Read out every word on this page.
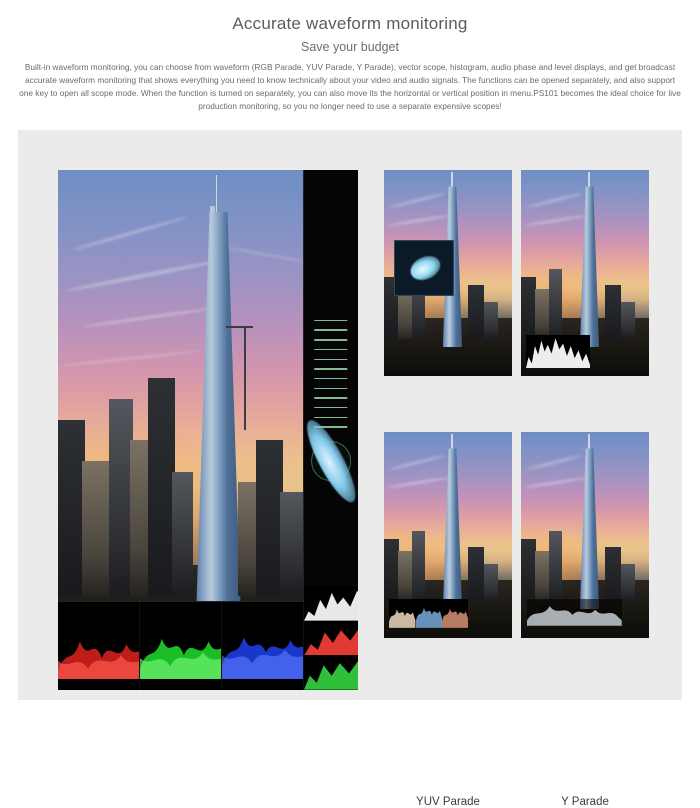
Accurate waveform monitoring
Save your budget
Built-in waveform monitoring, you can choose from waveform (RGB Parade, YUV Parade, Y Parade), vector scope, histogram, audio phase and level displays, and get broadcast accurate waveform monitoring that shows everything you need to know technically about your video and audio signals. The functions can be opened separately, and also support one key to open all scope mode. When the function is turned on separately, you can also move its the horizontal or vertical position in menu.PS101 becomes the ideal choice for live production monitoring, so you no longer need to use a separate expensive scopes!
YUV Parade	Y Parade
